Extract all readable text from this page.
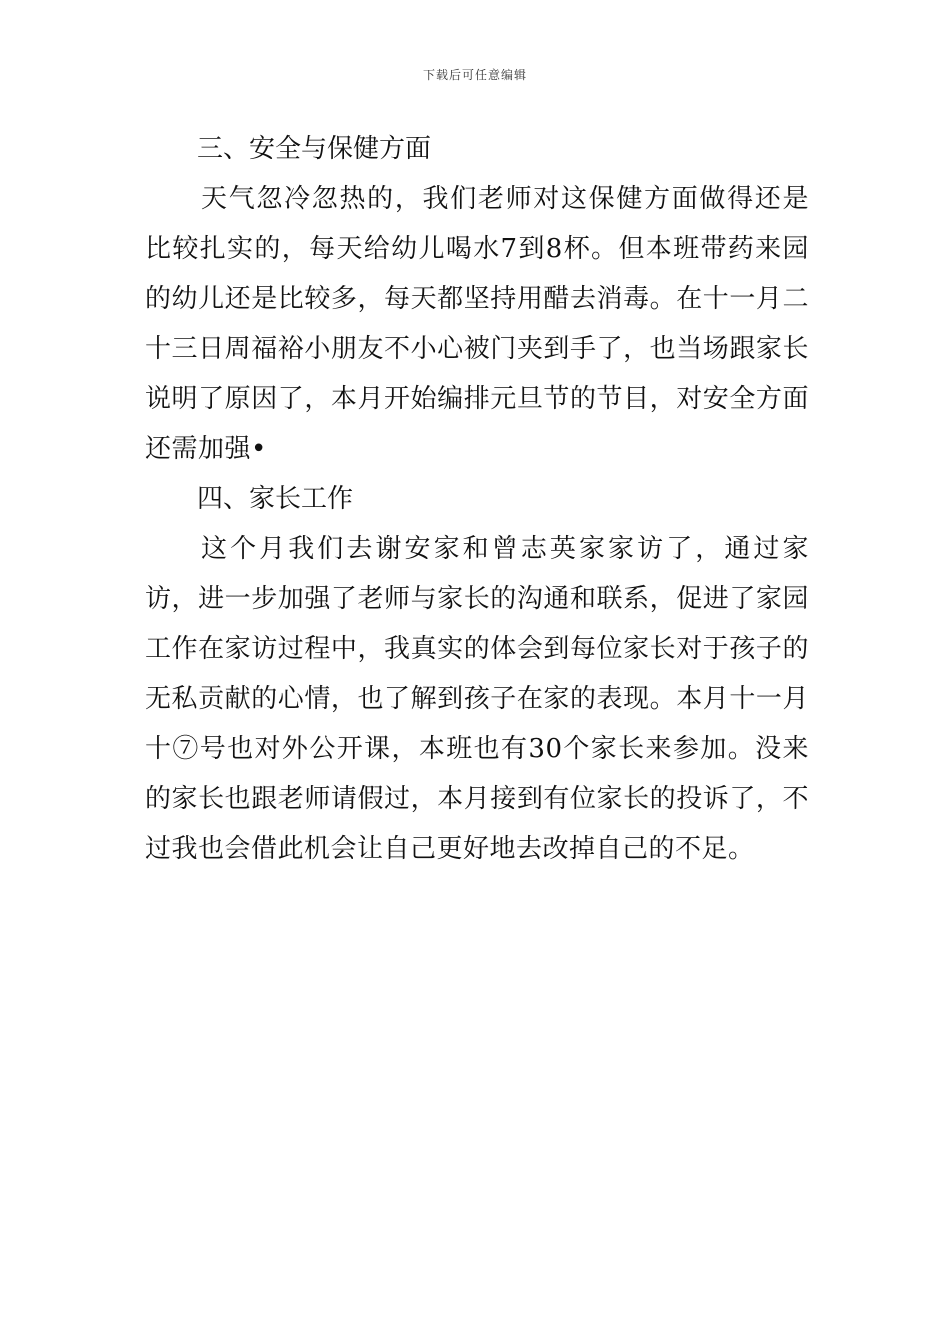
下载后可任意编辑

三、安全与保健方面

天气忽冷忽热的，我们老师对这保健方面做得还是比较扎实的，每天给幼儿喝水7到8杯。但本班带药来园的幼儿还是比较多，每天都坚持用醋去消毒。在十一月二十三日周福裕小朋友不小心被门夹到手了，也当场跟家长说明了原因了，本月开始编排元旦节的节目，对安全方面还需加强•

四、家长工作

这个月我们去谢安家和曾志英家家访了，通过家访，进一步加强了老师与家长的沟通和联系，促进了家园工作在家访过程中，我真实的体会到每位家长对于孩子的无私贡献的心情，也了解到孩子在家的表现。本月十一月十⑦号也对外公开课，本班也有30个家长来参加。没来的家长也跟老师请假过，本月接到有位家长的投诉了，不过我也会借此机会让自己更好地去改掉自己的不足。
